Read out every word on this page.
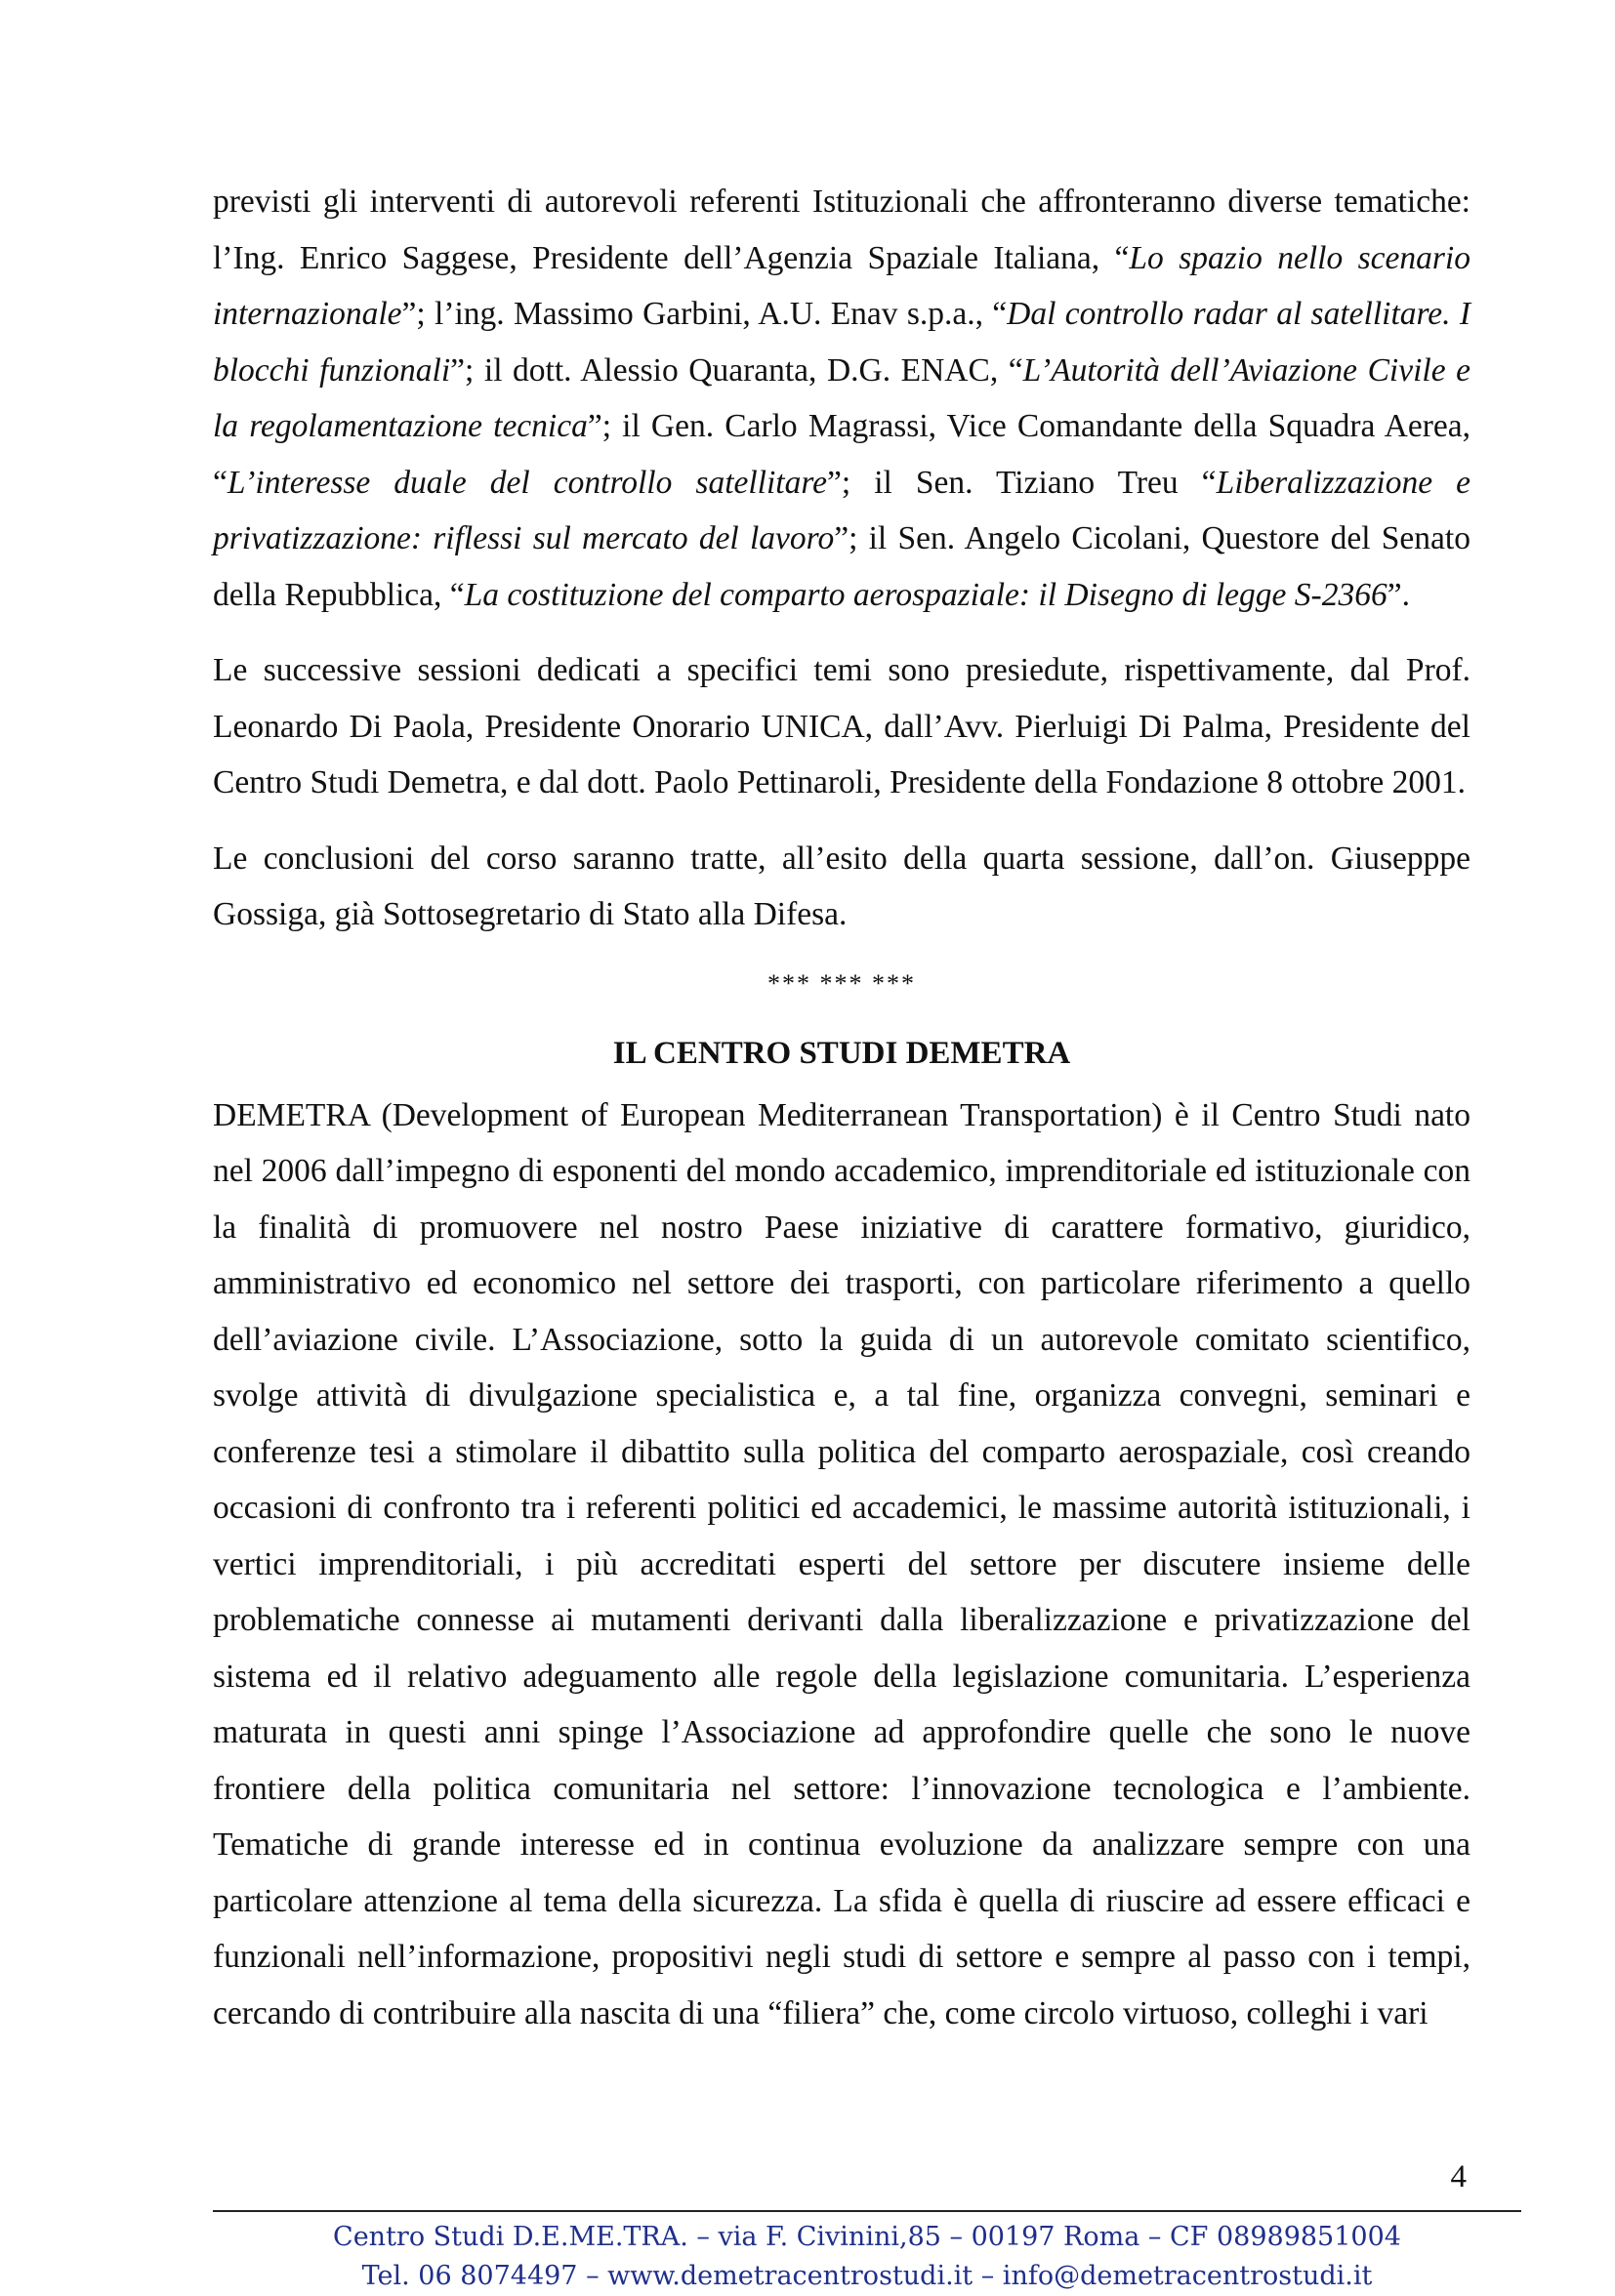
previsti gli interventi di autorevoli referenti Istituzionali che affronteranno diverse tematiche: l’Ing. Enrico Saggese, Presidente dell’Agenzia Spaziale Italiana, “Lo spazio nello scenario internazionale”; l’ing. Massimo Garbini, A.U. Enav s.p.a., “Dal controllo radar al satellitare. I blocchi funzionali”; il dott. Alessio Quaranta, D.G. ENAC, “L’Autorità dell’Aviazione Civile e la regolamentazione tecnica”; il Gen. Carlo Magrassi, Vice Comandante della Squadra Aerea, “L’interesse duale del controllo satellitare”; il Sen. Tiziano Treu “Liberalizzazione e privatizzazione: riflessi sul mercato del lavoro”; il Sen. Angelo Cicolani, Questore del Senato della Repubblica, “La costituzione del comparto aerospaziale: il Disegno di legge S-2366”.

Le successive sessioni dedicati a specifici temi sono presiedute, rispettivamente, dal Prof. Leonardo Di Paola, Presidente Onorario UNICA, dall’Avv. Pierluigi Di Palma, Presidente del Centro Studi Demetra, e dal dott. Paolo Pettinaroli, Presidente della Fondazione 8 ottobre 2001.

Le conclusioni del corso saranno tratte, all’esito della quarta sessione, dall’on. Giusepppe Gossiga, già Sottosegretario di Stato alla Difesa.

*** *** ***
IL CENTRO STUDI DEMETRA

DEMETRA (Development of European Mediterranean Transportation) è il Centro Studi nato nel 2006 dall’impegno di esponenti del mondo accademico, imprenditoriale ed istituzionale con la finalità di promuovere nel nostro Paese iniziative di carattere formativo, giuridico, amministrativo ed economico nel settore dei trasporti, con particolare riferimento a quello dell’aviazione civile. L’Associazione, sotto la guida di un autorevole comitato scientifico, svolge attività di divulgazione specialistica e, a tal fine, organizza convegni, seminari e conferenze tesi a stimolare il dibattito sulla politica del comparto aerospaziale, così creando occasioni di confronto tra i referenti politici ed accademici, le massime autorità istituzionali, i vertici imprenditoriali, i più accreditati esperti del settore per discutere insieme delle problematiche connesse ai mutamenti derivanti dalla liberalizzazione e privatizzazione del sistema ed il relativo adeguamento alle regole della legislazione comunitaria. L’esperienza maturata in questi anni spinge l’Associazione ad approfondire quelle che sono le nuove frontiere della politica comunitaria nel settore: l’innovazione tecnologica e l’ambiente. Tematiche di grande interesse ed in continua evoluzione da analizzare sempre con una particolare attenzione al tema della sicurezza. La sfida è quella di riuscire ad essere efficaci e funzionali nell’informazione, propositivi negli studi di settore e sempre al passo con i tempi, cercando di contribuire alla nascita di una “filiera” che, come circolo virtuoso, colleghi i vari

4
Centro Studi D.E.ME.TRA. – via F. Civinini,85 – 00197 Roma – CF 08989851004
Tel. 06 8074497 – www.demetracentrostudi.it – info@demetracentrostudi.it
